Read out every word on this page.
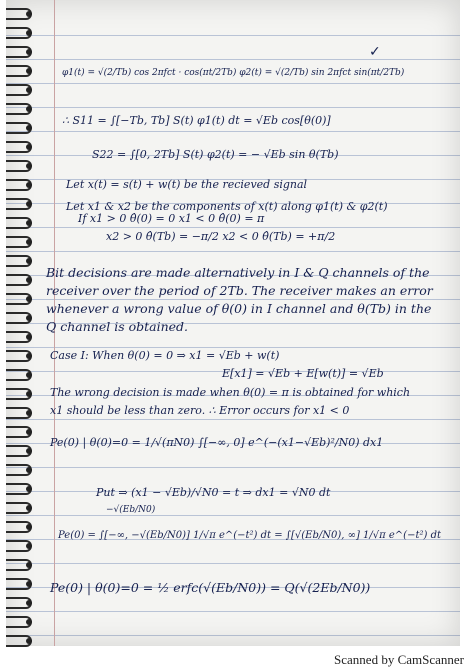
✓
φ1(t) = √(2/Tb) cos 2πfct · cos(πt/2Tb) φ2(t) = √(2/Tb) sin 2πfct sin(πt/2Tb)
∴ S11 = ∫[−Tb, Tb] S(t) φ1(t) dt = √Eb cos[θ(0)]
S22 = ∫[0, 2Tb] S(t) φ2(t) = − √Eb sin θ(Tb)
Let x(t) = s(t) + w(t) be the recieved signal
Let x1 & x2 be the components of x(t) along φ1(t) & φ2(t)
If x1 > 0 θ̂(0) = 0 x1 < 0 θ̂(0) = π
x2 > 0 θ̂(Tb) = −π/2 x2 < 0 θ̂(Tb) = +π/2
Bit decisions are made alternatively in I & Q channels of the
receiver over the period of 2Tb. The receiver makes an error
whenever a wrong value of θ(0) in I channel and θ(Tb) in the
Q channel is obtained.
Case I: When θ(0) = 0 ⇒ x1 = √Eb + w(t)
E[x1] = √Eb + E[w(t)] = √Eb
The wrong decision is made when θ(0) = π is obtained for which
x1 should be less than zero. ∴ Error occurs for x1 < 0
Pe(0) | θ(0)=0 = 1/√(πN0) ∫[−∞, 0] e^(−(x1−√Eb)²/N0) dx1
Put ⇒ (x1 − √Eb)/√N0 = t ⇒ dx1 = √N0 dt
−√(Eb/N0)
Pe(0) = ∫[−∞, −√(Eb/N0)] 1/√π e^(−t²) dt = ∫[√(Eb/N0), ∞] 1/√π e^(−t²) dt
Pe(0) | θ(0)=0 = ½ erfc(√(Eb/N0)) = Q(√(2Eb/N0))
Scanned by CamScanner
